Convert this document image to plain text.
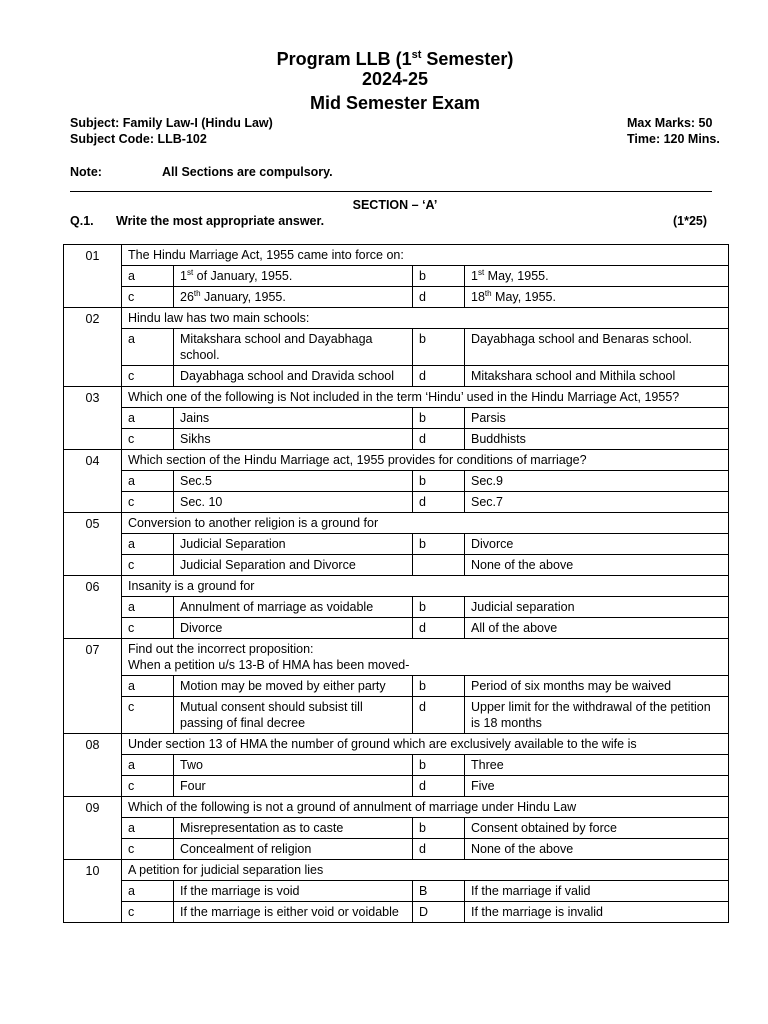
Program LLB (1st Semester)
2024-25
Mid Semester Exam
Subject: Family Law-I (Hindu Law)
Subject Code: LLB-102
Max Marks: 50
Time: 120 Mins.
Note:	All Sections are compulsory.
SECTION – ‘A’
Q.1. Write the most appropriate answer.	(1*25)
01	The Hindu Marriage Act, 1955 came into force on:			

	a	1st of January, 1955.	b	1st May, 1955.
	c	26th January, 1955.	d	18th May, 1955.
02	Hindu law has two main schools:			

	a	Mitakshara school and Dayabhaga school.	b	Dayabhaga school and Benaras school.
	c	Dayabhaga school and Dravida school	d	Mitakshara school and Mithila school
03	Which one of the following is Not included in the term ‘Hindu’ used in the Hindu Marriage Act, 1955?			

	a	Jains	b	Parsis
	c	Sikhs	d	Buddhists
04	Which section of the Hindu Marriage act, 1955 provides for conditions of marriage?			

	a	Sec.5	b	Sec.9
	c	Sec. 10	d	Sec.7
05	Conversion to another religion is a ground for			

	a	Judicial Separation	b	Divorce
	c	Judicial Separation and Divorce		None of the above
06	Insanity is a ground for			

	a	Annulment of marriage as voidable	b	Judicial separation
	c	Divorce	d	All of the above
07	Find out the incorrect proposition:
When a petition u/s 13-B of HMA has been moved-			

	a	Motion may be moved by either party	b	Period of six months may be waived
	c	Mutual consent should subsist till passing of final decree	d	Upper limit for the withdrawal of the petition is 18 months
08	Under section 13 of HMA the number of ground which are exclusively available to the wife is			

	a	Two	b	Three
	c	Four	d	Five
09	Which of the following is not a ground of annulment of marriage under Hindu Law			

	a	Misrepresentation as to caste	b	Consent obtained by force
	c	Concealment of religion	d	None of the above
10	A petition for judicial separation lies			

	a	If the marriage is void	B	If the marriage if valid
	c	If the marriage is either void or voidable	D	If the marriage is invalid
